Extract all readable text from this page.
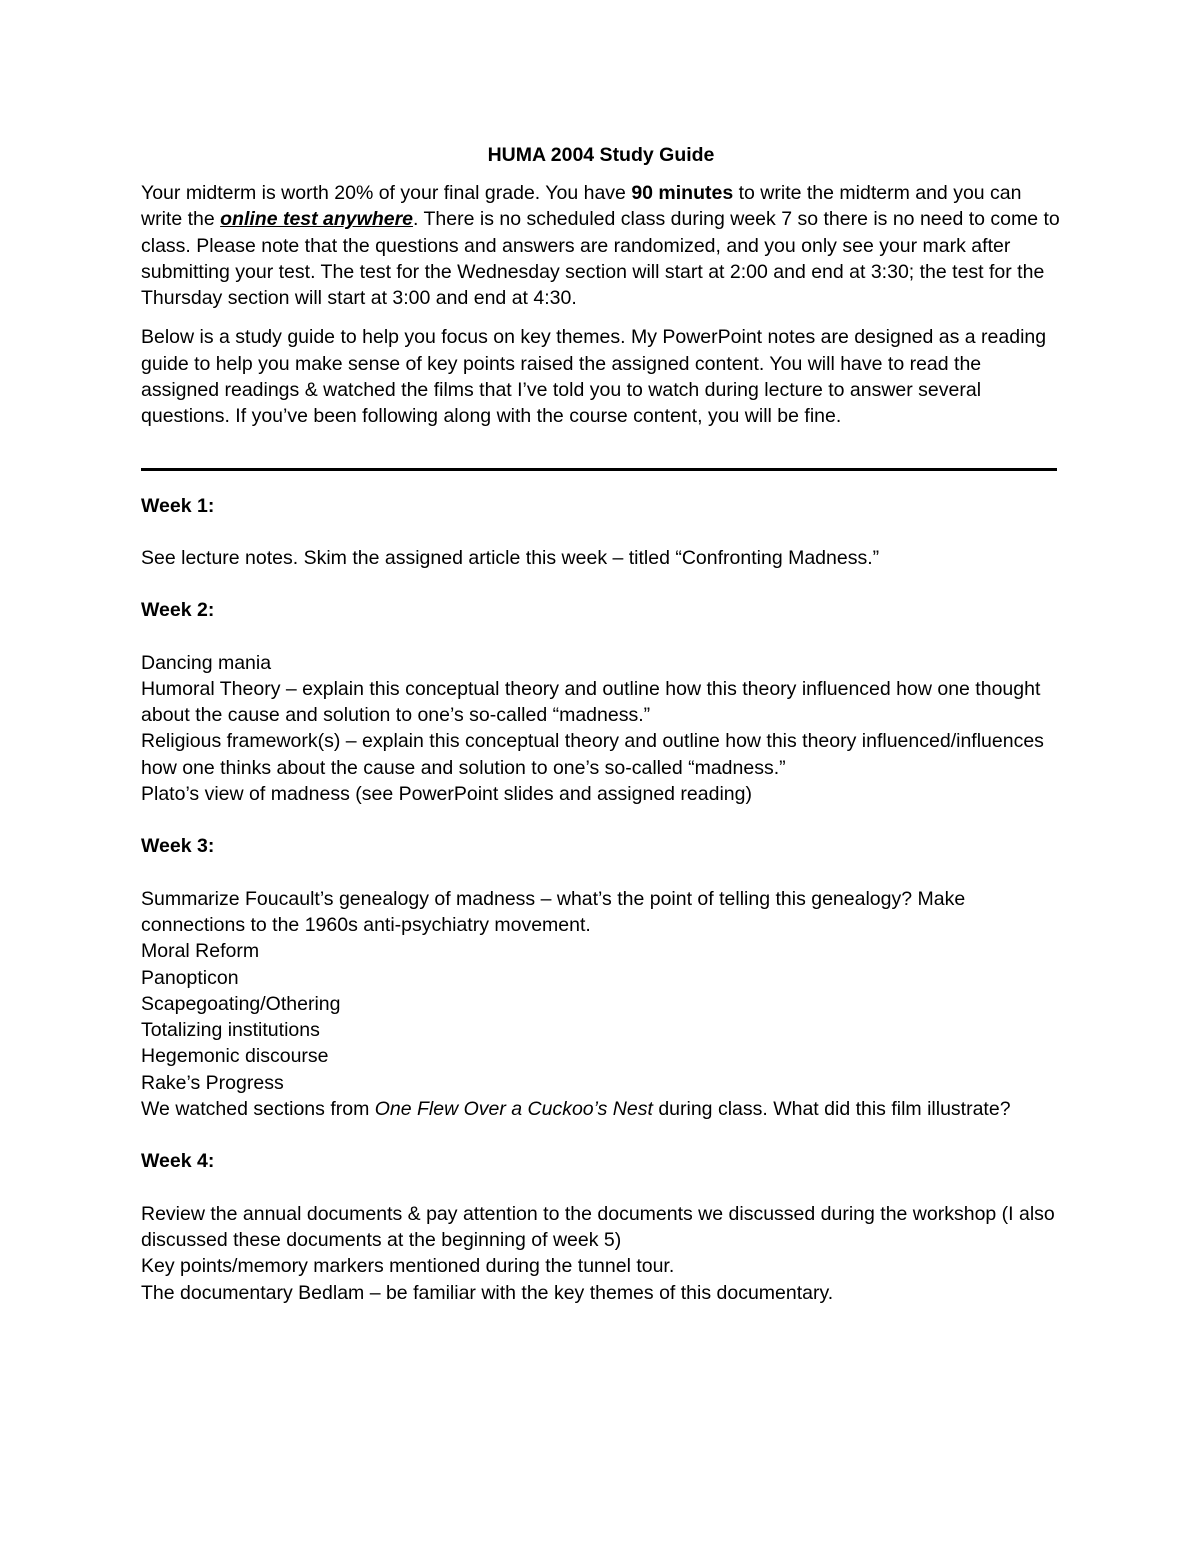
HUMA 2004 Study Guide

Your midterm is worth 20% of your final grade. You have 90 minutes to write the midterm and you can write the online test anywhere. There is no scheduled class during week 7 so there is no need to come to class. Please note that the questions and answers are randomized, and you only see your mark after submitting your test. The test for the Wednesday section will start at 2:00 and end at 3:30; the test for the Thursday section will start at 3:00 and end at 4:30.

Below is a study guide to help you focus on key themes. My PowerPoint notes are designed as a reading guide to help you make sense of key points raised the assigned content. You will have to read the assigned readings & watched the films that I’ve told you to watch during lecture to answer several questions. If you’ve been following along with the course content, you will be fine.

Week 1:
See lecture notes. Skim the assigned article this week – titled “Confronting Madness.”
Week 2:
Dancing mania
Humoral Theory – explain this conceptual theory and outline how this theory influenced how one thought about the cause and solution to one’s so-called “madness.”
Religious framework(s) – explain this conceptual theory and outline how this theory influenced/influences how one thinks about the cause and solution to one’s so-called “madness.”
Plato’s view of madness (see PowerPoint slides and assigned reading)
Week 3:
Summarize Foucault’s genealogy of madness – what’s the point of telling this genealogy? Make connections to the 1960s anti-psychiatry movement.
Moral Reform
Panopticon
Scapegoating/Othering
Totalizing institutions
Hegemonic discourse
Rake’s Progress
We watched sections from One Flew Over a Cuckoo’s Nest during class. What did this film illustrate?
Week 4:
Review the annual documents & pay attention to the documents we discussed during the workshop (I also discussed these documents at the beginning of week 5)
Key points/memory markers mentioned during the tunnel tour.
The documentary Bedlam – be familiar with the key themes of this documentary.
